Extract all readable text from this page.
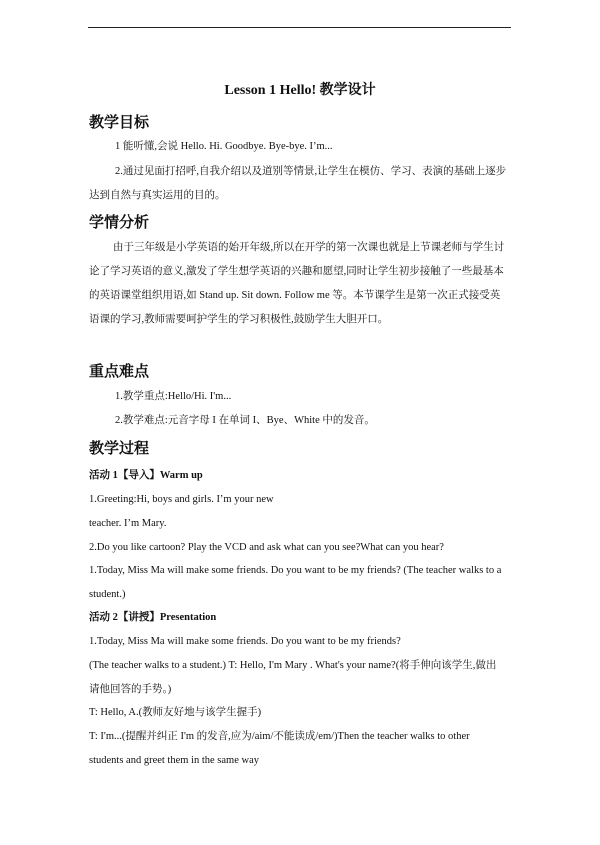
Lesson 1 Hello! 教学设计
教学目标
1 能听懂,会说 Hello. Hi. Goodbye. Bye-bye. I’m...
2.通过见面打招呼,自我介绍以及道别等情景,让学生在模仿、学习、表演的基础上逐步
达到自然与真实运用的目的。
学情分析
由于三年级是小学英语的始开年级,所以在开学的第一次课也就是上节课老师与学生讨
论了学习英语的意义,激发了学生想学英语的兴趣和愿望,同时让学生初步接触了一些最基本
的英语课堂组织用语,如 Stand up. Sit down. Follow me 等。本节课学生是第一次正式接受英
语课的学习,教师需要呵护学生的学习积极性,鼓励学生大胆开口。
重点难点
1.教学重点:Hello/Hi. I'm...
2.教学难点:元音字母 I 在单词 I、Bye、White 中的发音。
教学过程
活动 1【导入】Warm up
1.Greeting:Hi, boys and girls. I’m your new
teacher. I’m Mary.
2.Do you like cartoon? Play the VCD and ask what can you see?What can you hear?
1.Today, Miss Ma will make some friends. Do you want to be my friends? (The teacher walks to a
student.)
活动 2【讲授】Presentation
1.Today, Miss Ma will make some friends. Do you want to be my friends?
(The teacher walks to a student.) T: Hello, I'm Mary . What's your name?(将手伸向该学生,做出
请他回答的手势。)
T: Hello, A.(教师友好地与该学生握手)
T: I'm...(提醒并纠正 I'm 的发音,应为/aim/不能读成/em/)Then the teacher walks to other
students and greet them in the same way
